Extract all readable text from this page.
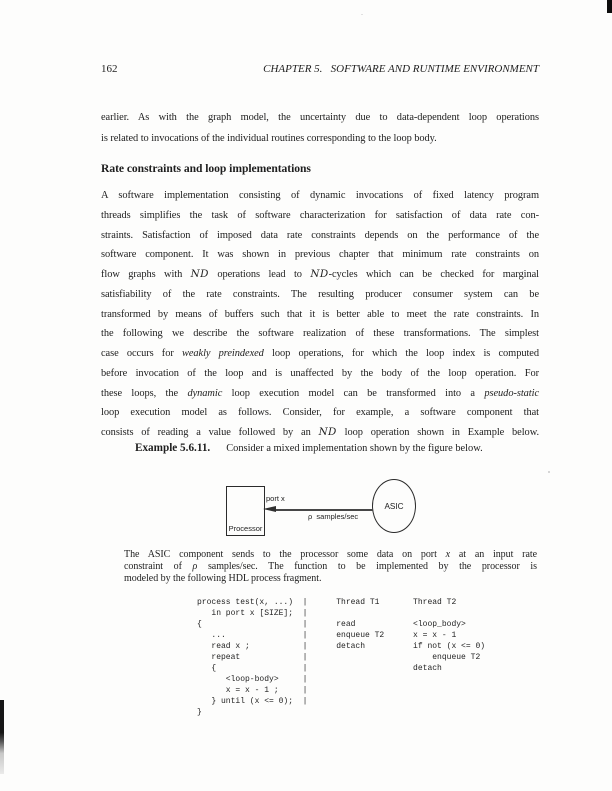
162	CHAPTER 5.   SOFTWARE AND RUNTIME ENVIRONMENT
earlier. As with the graph model, the uncertainty due to data-dependent loop operations
is related to invocations of the individual routines corresponding to the loop body.
Rate constraints and loop implementations
A software implementation consisting of dynamic invocations of fixed latency program
threads simplifies the task of software characterization for satisfaction of data rate con-
straints. Satisfaction of imposed data rate constraints depends on the performance of the
software component. It was shown in previous chapter that minimum rate constraints on
flow graphs with ND operations lead to ND-cycles which can be checked for marginal
satisfiability of the rate constraints. The resulting producer consumer system can be
transformed by means of buffers such that it is better able to meet the rate constraints. In
the following we describe the software realization of these transformations. The simplest
case occurs for weakly preindexed loop operations, for which the loop index is computed
before invocation of the loop and is unaffected by the body of the loop operation. For
these loops, the dynamic loop execution model can be transformed into a pseudo-static
loop execution model as follows. Consider, for example, a software component that
consists of reading a value followed by an ND loop operation shown in Example below.
Example 5.6.11. Consider a mixed implementation shown by the figure below.
Processor
ASIC
port x
ρ  samples/sec
The ASIC component sends to the processor some data on port x at an input rate
constraint of ρ samples/sec. The function to be implemented by the processor is
modeled by the following HDL process fragment.
process test(x, ...)  |      Thread T1       Thread T2
in port x [SIZE];  |
{                     |      read            <loop_body>
...                |      enqueue T2      x = x - 1
read x ;           |      detach          if not (x <= 0)
repeat             |                          enqueue T2
{                  |                      detach
<loop-body>     |
x = x - 1 ;     |
} until (x <= 0);  |
}
